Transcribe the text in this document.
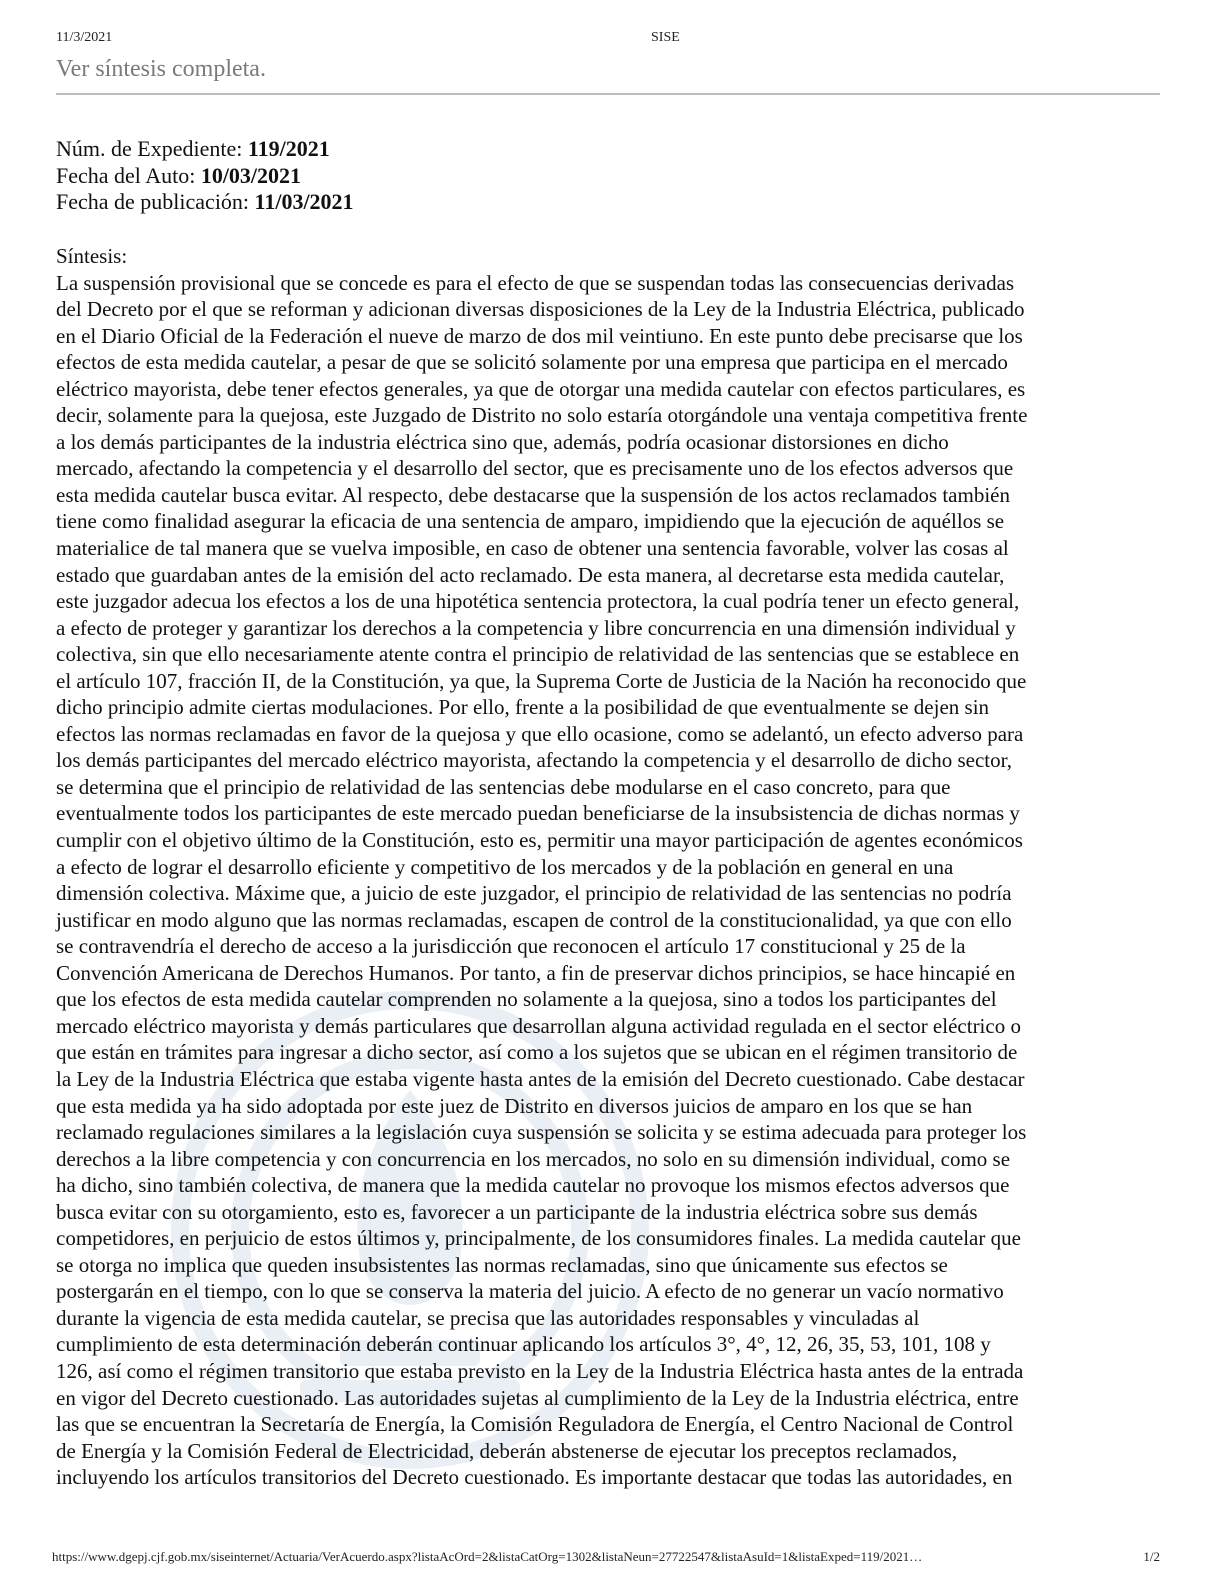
11/3/2021	SISE
Ver síntesis completa.
Núm. de Expediente: 119/2021
Fecha del Auto: 10/03/2021
Fecha de publicación: 11/03/2021
Síntesis:
La suspensión provisional que se concede es para el efecto de que se suspendan todas las consecuencias derivadas
del Decreto por el que se reforman y adicionan diversas disposiciones de la Ley de la Industria Eléctrica, publicado
en el Diario Oficial de la Federación el nueve de marzo de dos mil veintiuno. En este punto debe precisarse que los
efectos de esta medida cautelar, a pesar de que se solicitó solamente por una empresa que participa en el mercado
eléctrico mayorista, debe tener efectos generales, ya que de otorgar una medida cautelar con efectos particulares, es
decir, solamente para la quejosa, este Juzgado de Distrito no solo estaría otorgándole una ventaja competitiva frente
a los demás participantes de la industria eléctrica sino que, además, podría ocasionar distorsiones en dicho
mercado, afectando la competencia y el desarrollo del sector, que es precisamente uno de los efectos adversos que
esta medida cautelar busca evitar. Al respecto, debe destacarse que la suspensión de los actos reclamados también
tiene como finalidad asegurar la eficacia de una sentencia de amparo, impidiendo que la ejecución de aquéllos se
materialice de tal manera que se vuelva imposible, en caso de obtener una sentencia favorable, volver las cosas al
estado que guardaban antes de la emisión del acto reclamado. De esta manera, al decretarse esta medida cautelar,
este juzgador adecua los efectos a los de una hipotética sentencia protectora, la cual podría tener un efecto general,
a efecto de proteger y garantizar los derechos a la competencia y libre concurrencia en una dimensión individual y
colectiva, sin que ello necesariamente atente contra el principio de relatividad de las sentencias que se establece en
el artículo 107, fracción II, de la Constitución, ya que, la Suprema Corte de Justicia de la Nación ha reconocido que
dicho principio admite ciertas modulaciones. Por ello, frente a la posibilidad de que eventualmente se dejen sin
efectos las normas reclamadas en favor de la quejosa y que ello ocasione, como se adelantó, un efecto adverso para
los demás participantes del mercado eléctrico mayorista, afectando la competencia y el desarrollo de dicho sector,
se determina que el principio de relatividad de las sentencias debe modularse en el caso concreto, para que
eventualmente todos los participantes de este mercado puedan beneficiarse de la insubsistencia de dichas normas y
cumplir con el objetivo último de la Constitución, esto es, permitir una mayor participación de agentes económicos
a efecto de lograr el desarrollo eficiente y competitivo de los mercados y de la población en general en una
dimensión colectiva. Máxime que, a juicio de este juzgador, el principio de relatividad de las sentencias no podría
justificar en modo alguno que las normas reclamadas, escapen de control de la constitucionalidad, ya que con ello
se contravendría el derecho de acceso a la jurisdicción que reconocen el artículo 17 constitucional y 25 de la
Convención Americana de Derechos Humanos. Por tanto, a fin de preservar dichos principios, se hace hincapié en
que los efectos de esta medida cautelar comprenden no solamente a la quejosa, sino a todos los participantes del
mercado eléctrico mayorista y demás particulares que desarrollan alguna actividad regulada en el sector eléctrico o
que están en trámites para ingresar a dicho sector, así como a los sujetos que se ubican en el régimen transitorio de
la Ley de la Industria Eléctrica que estaba vigente hasta antes de la emisión del Decreto cuestionado. Cabe destacar
que esta medida ya ha sido adoptada por este juez de Distrito en diversos juicios de amparo en los que se han
reclamado regulaciones similares a la legislación cuya suspensión se solicita y se estima adecuada para proteger los
derechos a la libre competencia y con concurrencia en los mercados, no solo en su dimensión individual, como se
ha dicho, sino también colectiva, de manera que la medida cautelar no provoque los mismos efectos adversos que
busca evitar con su otorgamiento, esto es, favorecer a un participante de la industria eléctrica sobre sus demás
competidores, en perjuicio de estos últimos y, principalmente, de los consumidores finales. La medida cautelar que
se otorga no implica que queden insubsistentes las normas reclamadas, sino que únicamente sus efectos se
postergarán en el tiempo, con lo que se conserva la materia del juicio. A efecto de no generar un vacío normativo
durante la vigencia de esta medida cautelar, se precisa que las autoridades responsables y vinculadas al
cumplimiento de esta determinación deberán continuar aplicando los artículos 3°, 4°, 12, 26, 35, 53, 101, 108 y
126, así como el régimen transitorio que estaba previsto en la Ley de la Industria Eléctrica hasta antes de la entrada
en vigor del Decreto cuestionado. Las autoridades sujetas al cumplimiento de la Ley de la Industria eléctrica, entre
las que se encuentran la Secretaría de Energía, la Comisión Reguladora de Energía, el Centro Nacional de Control
de Energía y la Comisión Federal de Electricidad, deberán abstenerse de ejecutar los preceptos reclamados,
incluyendo los artículos transitorios del Decreto cuestionado. Es importante destacar que todas las autoridades, en
https://www.dgepj.cjf.gob.mx/siseinternet/Actuaria/VerAcuerdo.aspx?listaAcOrd=2&listaCatOrg=1302&listaNeun=27722547&listaAsuId=1&listaExped=119/2021…	1/2
